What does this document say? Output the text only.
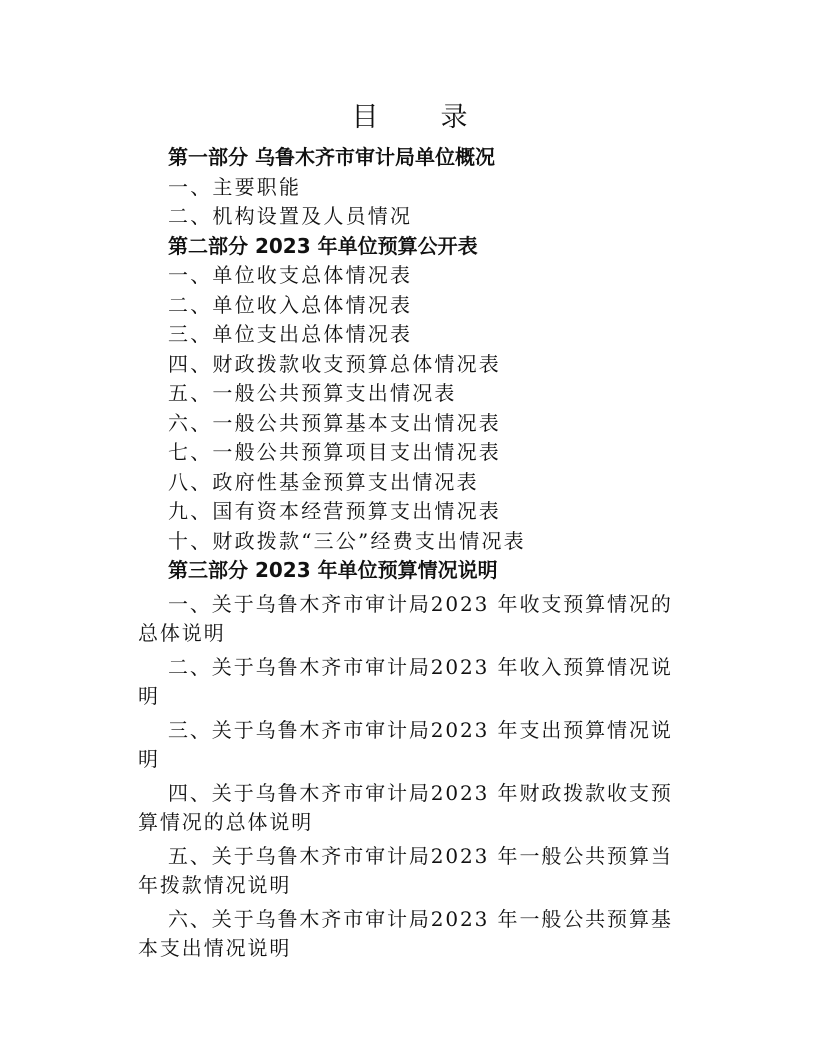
目 录
第一部分 乌鲁木齐市审计局单位概况
一、主要职能
二、机构设置及人员情况
第二部分 2023 年单位预算公开表
一、单位收支总体情况表
二、单位收入总体情况表
三、单位支出总体情况表
四、财政拨款收支预算总体情况表
五、一般公共预算支出情况表
六、一般公共预算基本支出情况表
七、一般公共预算项目支出情况表
八、政府性基金预算支出情况表
九、国有资本经营预算支出情况表
十、财政拨款“三公”经费支出情况表
第三部分 2023 年单位预算情况说明
一、关于乌鲁木齐市审计局2023 年收支预算情况的总体说明
二、关于乌鲁木齐市审计局2023 年收入预算情况说明
三、关于乌鲁木齐市审计局2023 年支出预算情况说明
四、关于乌鲁木齐市审计局2023 年财政拨款收支预算情况的总体说明
五、关于乌鲁木齐市审计局2023 年一般公共预算当年拨款情况说明
六、关于乌鲁木齐市审计局2023 年一般公共预算基本支出情况说明
